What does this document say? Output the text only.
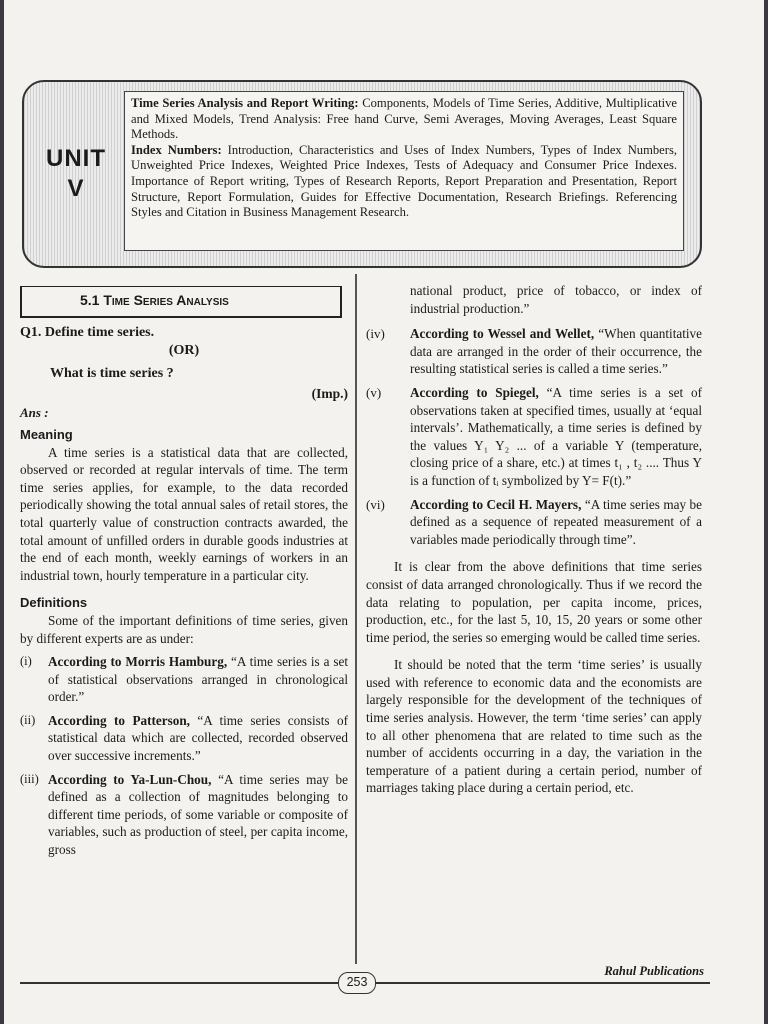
UNIT
V

Time Series Analysis and Report Writing: Components, Models of Time Series, Additive, Multiplicative and Mixed Models, Trend Analysis: Free hand Curve, Semi Averages, Moving Averages, Least Square Methods.

Index Numbers: Introduction, Characteristics and Uses of Index Numbers, Types of Index Numbers, Unweighted Price Indexes, Weighted Price Indexes, Tests of Adequacy and Consumer Price Indexes. Importance of Report writing, Types of Research Reports, Report Preparation and Presentation, Report Structure, Report Formulation, Guides for Effective Documentation, Research Briefings. Referencing Styles and Citation in Business Management Research.

5.1 Time Series Analysis
Q1. Define time series.
(OR)
What is time series ?
(Imp.)
Ans :
Meaning

A time series is a statistical data that are collected, observed or recorded at regular intervals of time. The term time series applies, for example, to the data recorded periodically showing the total annual sales of retail stores, the total quarterly value of construction contracts awarded, the total amount of unfilled orders in durable goods industries at the end of each month, weekly earnings of workers in an industrial town, hourly temperature in a particular city.

Definitions

Some of the important definitions of time series, given by different experts are as under:

(i)	According to Morris Hamburg, “A time series is a set of statistical observations arranged in chronological order.”
(ii) According to Patterson, “A time series consists of statistical data which are collected, recorded observed over successive increments.”
(iii) According to Ya-Lun-Chou, “A time series may be defined as a collection of magnitudes belonging to different time periods, of some variable or composite of variables, such as production of steel, per capita income, gross

national product, price of tobacco, or index of industrial production.”

(iv)	According to Wessel and Wellet, “When quantitative data are arranged in the order of their occurrence, the resulting statistical series is called a time series.”
(v)	According to Spiegel, “A time series is a set of observations taken at specified times, usually at ‘equal intervals’. Mathematically, a time series is defined by the values Y₁ Y₂ ... of a variable Y (temperature, closing price of a share, etc.) at times t₁ , t₂ .... Thus Y is a function of tᵢ symbolized by Y= F(t).”
(vi)	According to Cecil H. Mayers, “A time series may be defined as a sequence of repeated measurement of a variables made periodically through time”.

It is clear from the above definitions that time series consist of data arranged chronologically. Thus if we record the data relating to population, per capita income, prices, production, etc., for the last 5, 10, 15, 20 years or some other time period, the series so emerging would be called time series.

It should be noted that the term ‘time series’ is usually used with reference to economic data and the economists are largely responsible for the development of the techniques of time series analysis. However, the term ‘time series’ can apply to all other phenomena that are related to time such as the number of accidents occurring in a day, the variation in the temperature of a patient during a certain period, number of marriages taking place during a certain period, etc.

253
Rahul Publications
